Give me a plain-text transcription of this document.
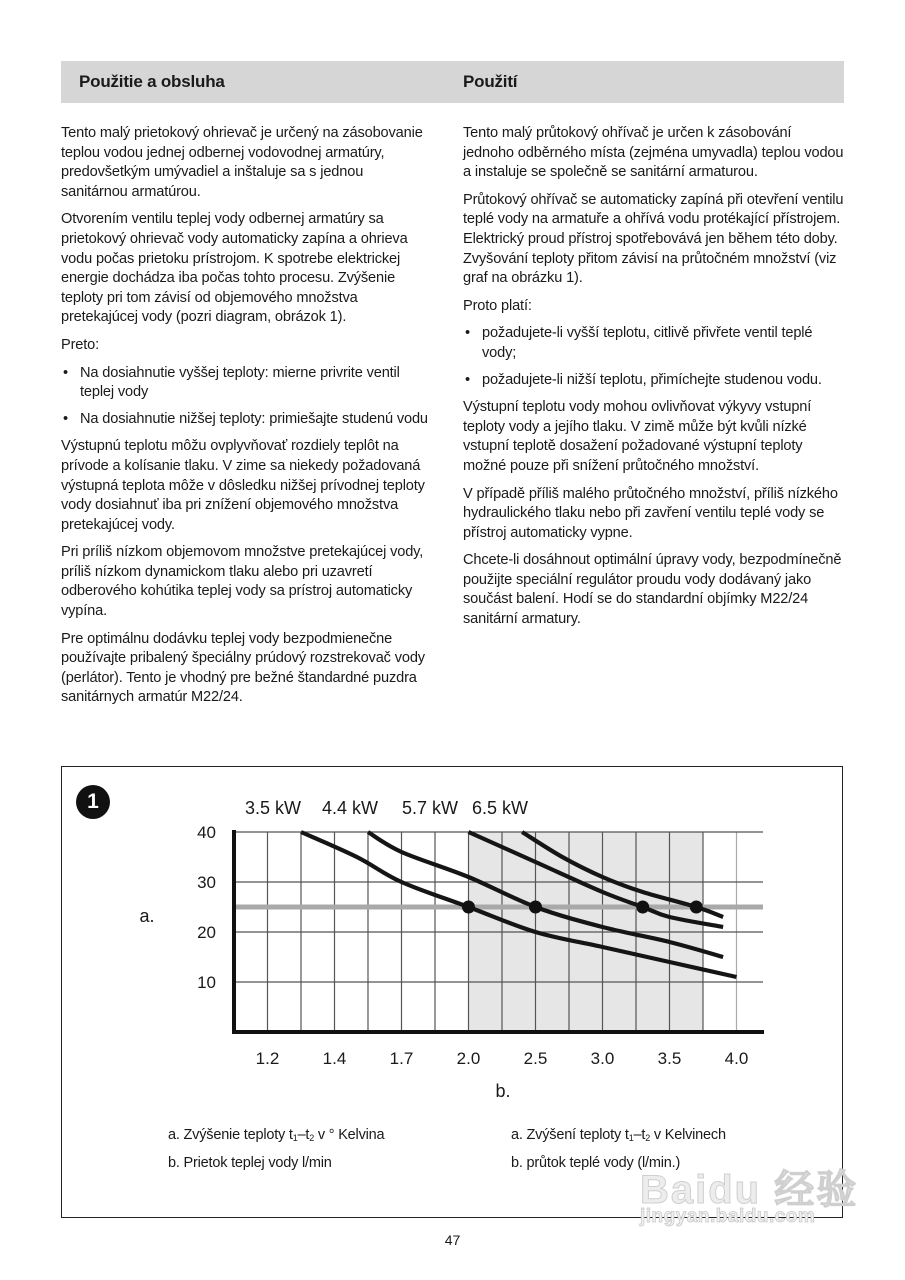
Použitie a obsluha	Použití

Tento malý prietokový ohrievač je určený na zásobovanie teplou vodou jednej odbernej vodovodnej armatúry, predovšetkým umývadiel a inštaluje sa s jednou sanitárnou armatúrou.

Otvorením ventilu teplej vody odbernej armatúry sa prietokový ohrievač vody automaticky zapína a ohrieva vodu počas prietoku prístrojom. K spotrebe elektrickej energie dochádza iba počas tohto procesu. Zvýšenie teploty pri tom závisí od objemového množstva pretekajúcej vody (pozri diagram, obrázok 1).

Preto:

• Na dosiahnutie vyššej teploty: mierne privrite ventil teplej vody
• Na dosiahnutie nižšej teploty: primiešajte studenú vodu

Výstupnú teplotu môžu ovplyvňovať rozdiely teplôt na prívode a kolísanie tlaku. V zime sa niekedy požadovaná výstupná teplota môže v dôsledku nižšej prívodnej teploty vody dosiahnuť iba pri znížení objemového množstva pretekajúcej vody.

Pri príliš nízkom objemovom množstve pretekajúcej vody, príliš nízkom dynamickom tlaku alebo pri uzavretí odberového kohútika teplej vody sa prístroj automaticky vypína.

Pre optimálnu dodávku teplej vody bezpodmienečne používajte pribalený špeciálny prúdový rozstrekovač vody (perlátor). Tento je vhodný pre bežné štandardné puzdra sanitárnych armatúr M22/24.

Tento malý průtokový ohřívač je určen k zásobování jednoho odběrného místa (zejména umyvadla) teplou vodou a instaluje se společně se sanitární armaturou.

Průtokový ohřívač se automaticky zapíná při otevření ventilu teplé vody na armatuře a ohřívá vodu protékající přístrojem. Elektrický proud přístroj spotřebovává jen během této doby. Zvyšování teploty přitom závisí na průtočném množství (viz graf na obrázku 1).

Proto platí:

• požadujete-li vyšší teplotu, citlivě přivřete ventil teplé vody;
• požadujete-li nižší teplotu, přimíchejte studenou vodu.

Výstupní teplotu vody mohou ovlivňovat výkyvy vstupní teploty vody a jejího tlaku. V zimě může být kvůli nízké vstupní teplotě dosažení požadované výstupní teploty možné pouze při snížení průtočného množství.

V případě příliš malého průtočného množství, příliš nízkého hydraulického tlaku nebo při zavření ventilu teplé vody se přístroj automaticky vypne.

Chcete-li dosáhnout optimální úpravy vody, bezpodmínečně použijte speciální regulátor proudu vody dodávaný jako součást balení. Hodí se do standardní objímky M22/24 sanitární armatury.

1
10
20
30
40
1.2	1.4	1.7	2.0	2.5	3.0	3.5	4.0
3.5 kW 4.4 kW 5.7 kW 6.5 kW
a.
b.
a. Zvýšenie teploty $t_1-t_2$ v ° Kelvina
b. Prietok teplej vody l/min
a. Zvýšení teploty $t_1-t_2$ v Kelvinech
b. průtok teplé vody (l/min.)
Baidu 经验
jingyan.baidu.com
47
